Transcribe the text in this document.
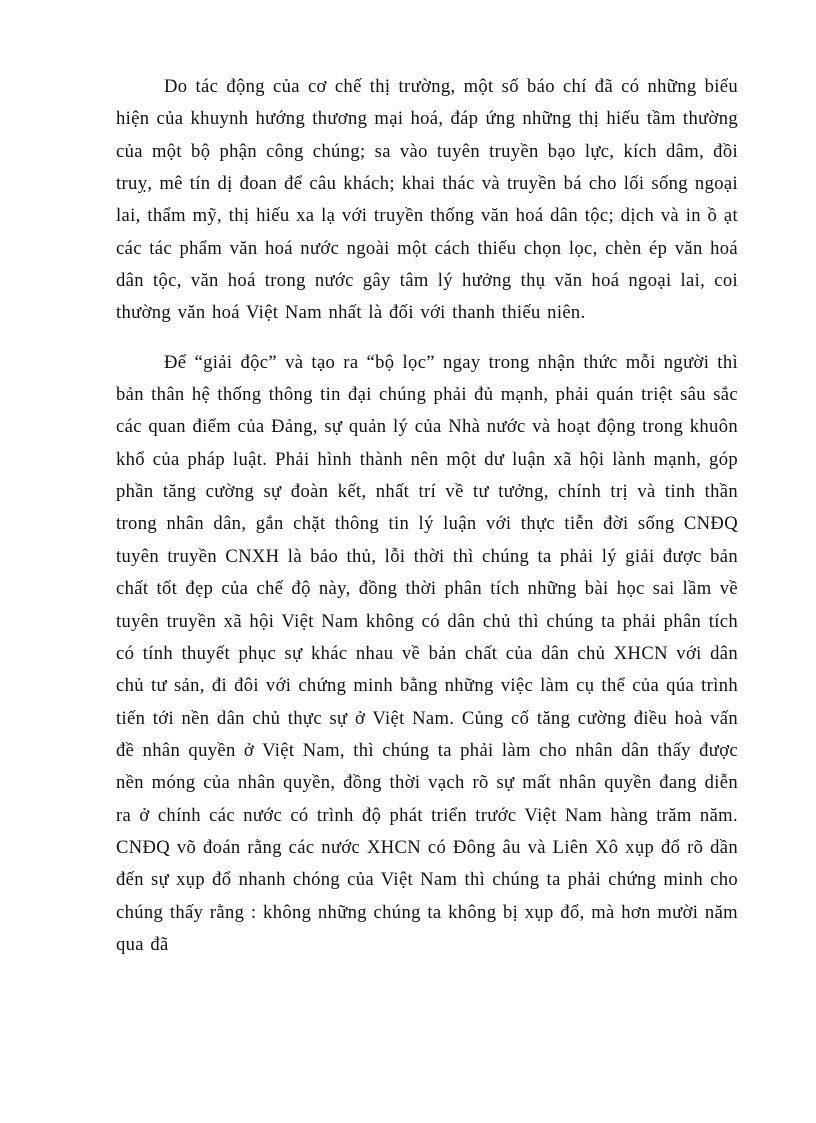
Do tác động của cơ chế thị trường, một số báo chí đã có những biểu hiện của khuynh hướng thương mại hoá, đáp ứng những thị hiếu tầm thường của một bộ phận công chúng; sa vào tuyên truyền bạo lực, kích dâm, đồi truỵ, mê tín dị đoan để câu khách; khai thác và truyền bá cho lối sống ngoại lai, thẩm mỹ, thị hiếu xa lạ với truyền thống văn hoá dân tộc; dịch và in ồ ạt các tác phẩm văn hoá nước ngoài một cách thiếu chọn lọc, chèn ép văn hoá dân tộc, văn hoá trong nước gây tâm lý hưởng thụ văn hoá ngoại lai, coi thường văn hoá Việt Nam nhất là đối với thanh thiếu niên.

Để “giải độc” và tạo ra “bộ lọc” ngay trong nhận thức mỗi người thì bản thân hệ thống thông tin đại chúng phải đủ mạnh, phải quán triệt sâu sắc các quan điểm của Đảng, sự quản lý của Nhà nước và hoạt động trong khuôn khổ của pháp luật. Phải hình thành nên một dư luận xã hội lành mạnh, góp phần tăng cường sự đoàn kết, nhất trí về tư tưởng, chính trị và tinh thần trong nhân dân, gắn chặt thông tin lý luận với thực tiễn đời sống CNĐQ tuyên truyền CNXH là bảo thủ, lỗi thời thì chúng ta phải lý giải được bản chất tốt đẹp của chế độ này, đồng thời phân tích những bài học sai lầm về tuyên truyền xã hội Việt Nam không có dân chủ thì chúng ta phải phân tích có tính thuyết phục sự khác nhau về bản chất của dân chủ XHCN với dân chủ tư sản, đi đôi với chứng minh bằng những việc làm cụ thể của qúa trình tiến tới nền dân chủ thực sự ở Việt Nam. Củng cố tăng cường điều hoà vấn đề nhân quyền ở Việt Nam, thì chúng ta phải làm cho nhân dân thấy được nền móng của nhân quyền, đồng thời vạch rõ sự mất nhân quyền đang diễn ra ở chính các nước có trình độ phát triển trước Việt Nam hàng trăm năm. CNĐQ võ đoán rằng các nước XHCN có Đông âu và Liên Xô xụp đổ rõ dần đến sự xụp đổ nhanh chóng của Việt Nam thì chúng ta phải chứng minh cho chúng thấy rằng : không những chúng ta không bị xụp đổ, mà hơn mười năm qua đã
